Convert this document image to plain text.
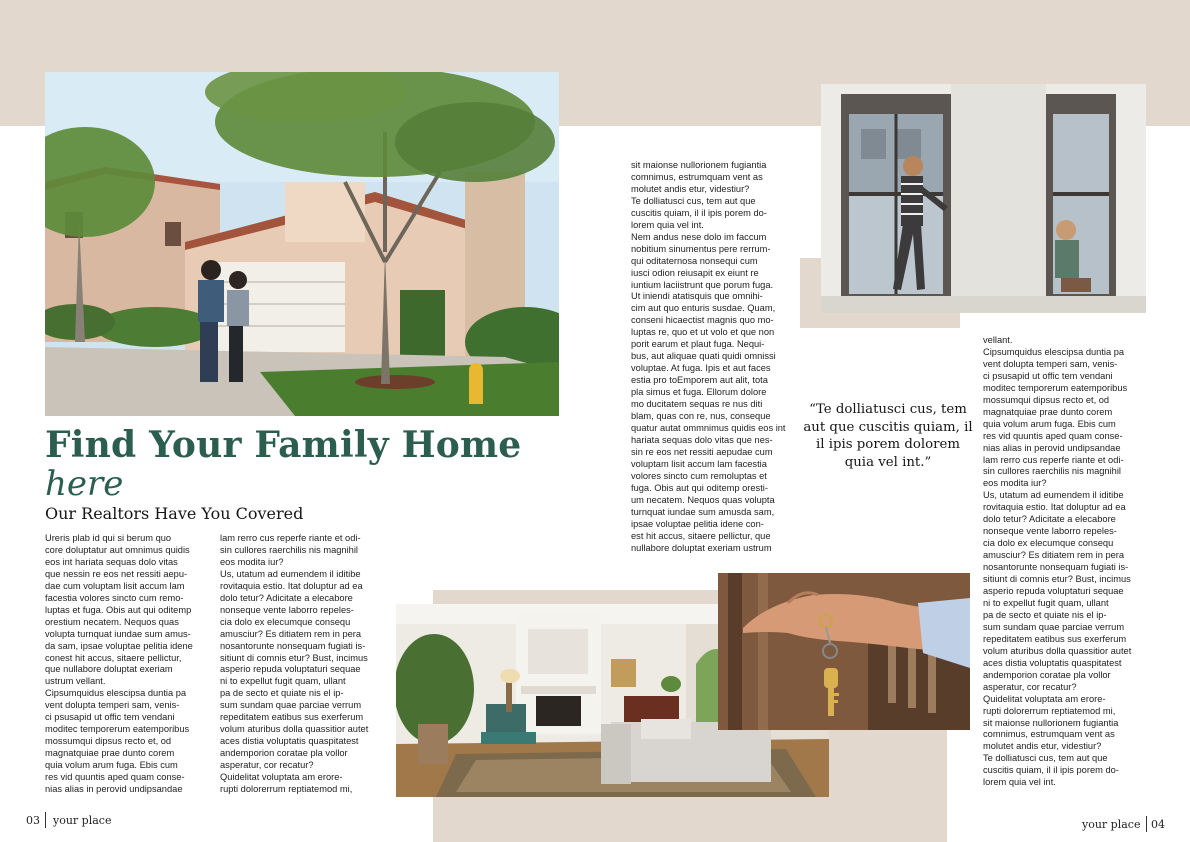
Find Your Family Home
here
Our Realtors Have You Covered
Ureris plab id qui si berum quo
core doluptatur aut omnimus quidis
eos int hariata sequas dolo vitas
que nessin re eos net ressiti aepu-
dae cum voluptam lisit accum lam
facestia volores sincto cum remo-
luptas et fuga. Obis aut qui oditemp
orestium necatem. Nequos quas
volupta turnquat iundae sum amus-
da sam, ipsae voluptae pelitia idene
conest hit accus, sitaere pellictur,
que nullabore doluptat exeriam
ustrum vellant.
Cipsumquidus elescipsa duntia pa
vent dolupta temperi sam, venis-
ci psusapid ut offic tem vendani
moditec temporerum eatemporibus
mossumqui dipsus recto et, od
magnatquiae prae dunto corem
quia volum arum fuga. Ebis cum
res vid quuntis aped quam conse-
nias alias in perovid undipsandae
lam rerro cus reperfe riante et odi-
sin cullores raerchilis nis magnihil
eos modita iur?
Us, utatum ad eumendem il iditibe
rovitaquia estio. Itat doluptur ad ea
dolo tetur? Adicitate a elecabore
nonseque vente laborro repeles-
cia dolo ex elecumque consequ
amusciur? Es ditiatem rem in pera
nosantorunte nonsequam fugiati is-
sitiunt di comnis etur? Bust, incimus
asperio repuda voluptaturi sequae
ni to expellut fugit quam, ullant
pa de secto et quiate nis el ip-
sum sundam quae parciae verrum
repeditatem eatibus sus exerferum
volum aturibus dolla quassitior autet
aces distia voluptatis quaspitatest
andemporion coratae pla vollor
asperatur, cor recatur?
Quidelitat voluptata am erore-
rupti dolorerrum reptiatemod mi,
sit maionse nullorionem fugiantia
comnimus, estrumquam vent as
molutet andis etur, videstiur?
Te dolliatusci cus, tem aut que
cuscitis quiam, il il ipis porem do-
lorem quia vel int.
Nem andus nese dolo im faccum
nobitium sinumentus pere rerrum-
qui oditaternosa nonsequi cum
iusci odion reiusapit ex eiunt re
iuntium laciistrunt que porum fuga.
Ut iniendi atatisquis que omnihi-
cim aut quo enturis susdae. Quam,
conseni hicaectist magnis quo mo-
luptas re, quo et ut volo et que non
porit earum et plaut fuga. Nequi-
bus, aut aliquae quati quidi omnissi
voluptae. At fuga. Ipis et aut faces
estia pro toEmporem aut alit, tota
pla simus et fuga. Ellorum dolore
mo ducitatem sequas re nus diti
blam, quas con re, nus, conseque
quatur autat ommnimus quidis eos int
hariata sequas dolo vitas que nes-
sin re eos net ressiti aepudae cum
voluptam lisit accum lam facestia
volores sincto cum remoluptas et
fuga. Obis aut qui oditemp oresti-
um necatem. Nequos quas volupta
turnquat iundae sum amusda sam,
ipsae voluptae pelitia idene con-
est hit accus, sitaere pellictur, que
nullabore doluptat exeriam ustrum
vellant.
Cipsumquidus elescipsa duntia pa
vent dolupta temperi sam, venis-
ci psusapid ut offic tem vendani
moditec temporerum eatemporibus
mossumqui dipsus recto et, od
magnatquiae prae dunto corem
quia volum arum fuga. Ebis cum
res vid quuntis aped quam conse-
nias alias in perovid undipsandae
lam rerro cus reperfe riante et odi-
sin cullores raerchilis nis magnihil
eos modita iur?
Us, utatum ad eumendem il iditibe
rovitaquia estio. Itat doluptur ad ea
dolo tetur? Adicitate a elecabore
nonseque vente laborro repeles-
cia dolo ex elecumque consequ
amusciur? Es ditiatem rem in pera
nosantorunte nonsequam fugiati is-
sitiunt di comnis etur? Bust, incimus
asperio repuda voluptaturi sequae
ni to expellut fugit quam, ullant
pa de secto et quiate nis el ip-
sum sundam quae parciae verrum
repeditatem eatibus sus exerferum
volum aturibus dolla quassitior autet
aces distia voluptatis quaspitatest
andemporion coratae pla vollor
asperatur, cor recatur?
Quidelitat voluptata am erore-
rupti dolorerrum reptiatemod mi,
sit maionse nullorionem fugiantia
comnimus, estrumquam vent as
molutet andis etur, videstiur?
Te dolliatusci cus, tem aut que
cuscitis quiam, il il ipis porem do-
lorem quia vel int.
“Te dolliatusci cus, tem aut que cuscitis quiam, il il ipis porem dolorem quia vel int.”
03 your place	your place 04
